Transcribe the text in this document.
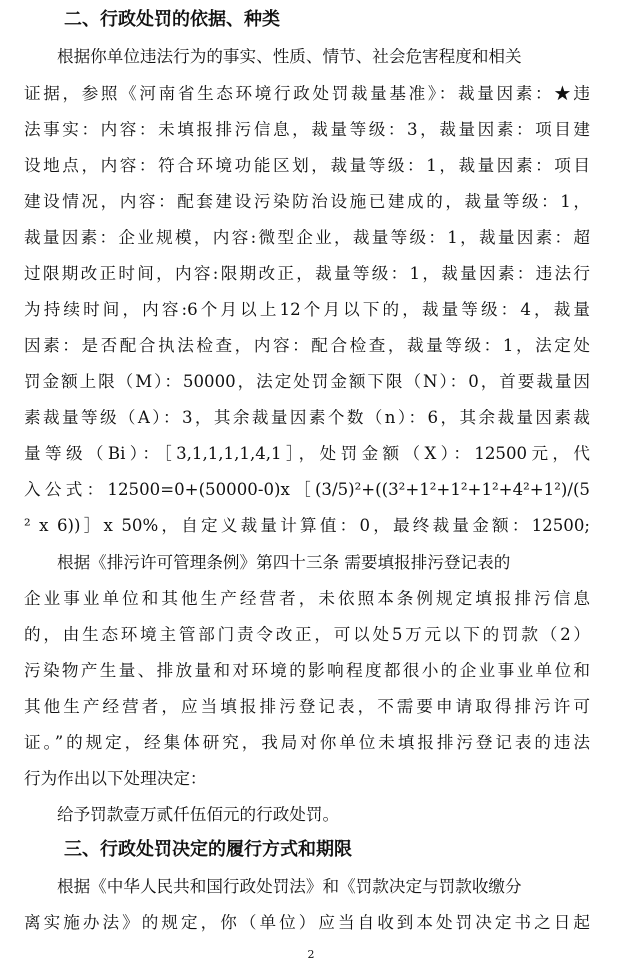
二、行政处罚的依据、种类
根据你单位违法行为的事实、性质、情节、社会危害程度和相关
证据，参照《河南省生态环境行政处罚裁量基准》：裁量因素：★违
法事实：内容：未填报排污信息，裁量等级：3，裁量因素：项目建
设地点，内容：符合环境功能区划，裁量等级：1，裁量因素：项目
建设情况，内容：配套建设污染防治设施已建成的，裁量等级：1，
裁量因素：企业规模，内容:微型企业，裁量等级：1，裁量因素：超
过限期改正时间，内容:限期改正，裁量等级：1，裁量因素：违法行
为持续时间，内容:6个月以上12个月以下的，裁量等级：4，裁量
因素：是否配合执法检查，内容：配合检查，裁量等级：1，法定处
罚金额上限（M）：50000，法定处罚金额下限（N）：0，首要裁量因
素裁量等级（A）：3，其余裁量因素个数（n）：6，其余裁量因素裁
量等级（Bi）：［3,1,1,1,1,4,1］，处罚金额（X）：12500元，代
入公式：12500=0+(50000-0)x［(3/5)²+((3²+1²+1²+1²+4²+1²)/(5
² x 6))］x 50%，自定义裁量计算值：0，最终裁量金额：12500;
根据《排污许可管理条例》第四十三条 需要填报排污登记表的
企业事业单位和其他生产经营者，未依照本条例规定填报排污信息
的，由生态环境主管部门责令改正，可以处5万元以下的罚款（2）
污染物产生量、排放量和对环境的影响程度都很小的企业事业单位和
其他生产经营者，应当填报排污登记表，不需要申请取得排污许可
证。”的规定，经集体研究，我局对你单位未填报排污登记表的违法
行为作出以下处理决定：
给予罚款壹万贰仟伍佰元的行政处罚。
三、行政处罚决定的履行方式和期限
根据《中华人民共和国行政处罚法》和《罚款决定与罚款收缴分
离实施办法》的规定，你（单位）应当自收到本处罚决定书之日起
2
